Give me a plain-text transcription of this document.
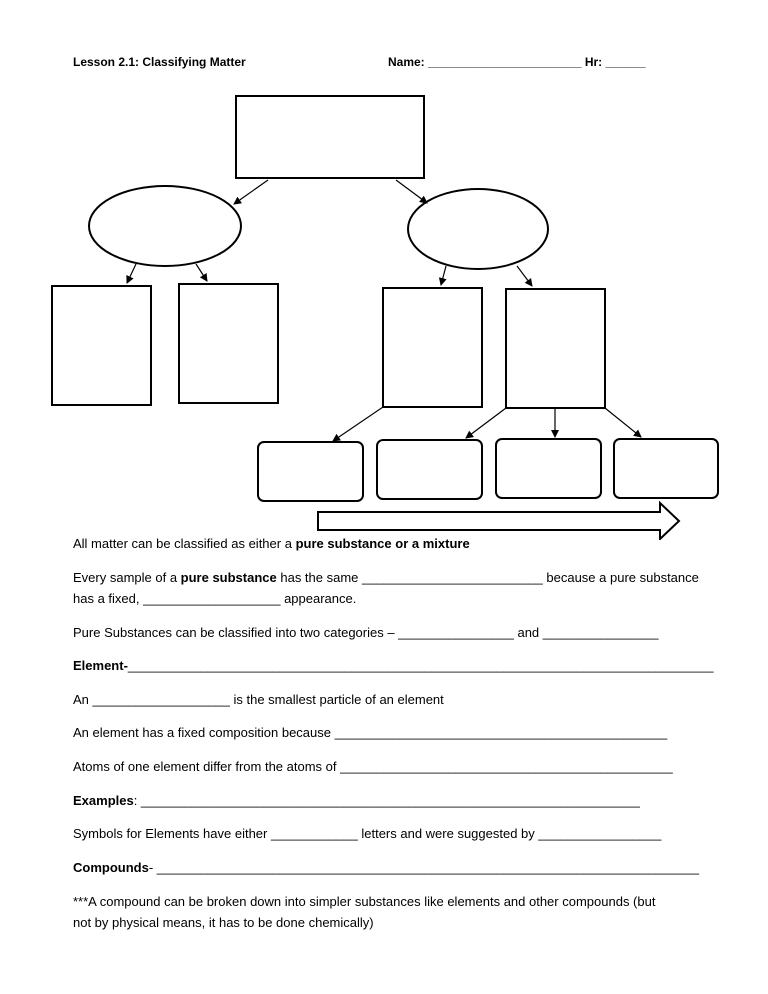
Lesson 2.1: Classifying Matter	Name: _______________________ Hr: ______
All matter can be classified as either a pure substance or a mixture
Every sample of a pure substance has the same _________________________ because a pure substance
has a fixed, ___________________ appearance.
Pure Substances can be classified into two categories – ________________ and ________________
Element-_________________________________________________________________________________
An ___________________ is the smallest particle of an element
An element has a fixed composition because ______________________________________________
Atoms of one element differ from the atoms of ______________________________________________
Examples: _____________________________________________________________________
Symbols for Elements have either ____________ letters and were suggested by _________________
Compounds- ___________________________________________________________________________
***A compound can be broken down into simpler substances like elements and other compounds (but
not by physical means, it has to be done chemically)
